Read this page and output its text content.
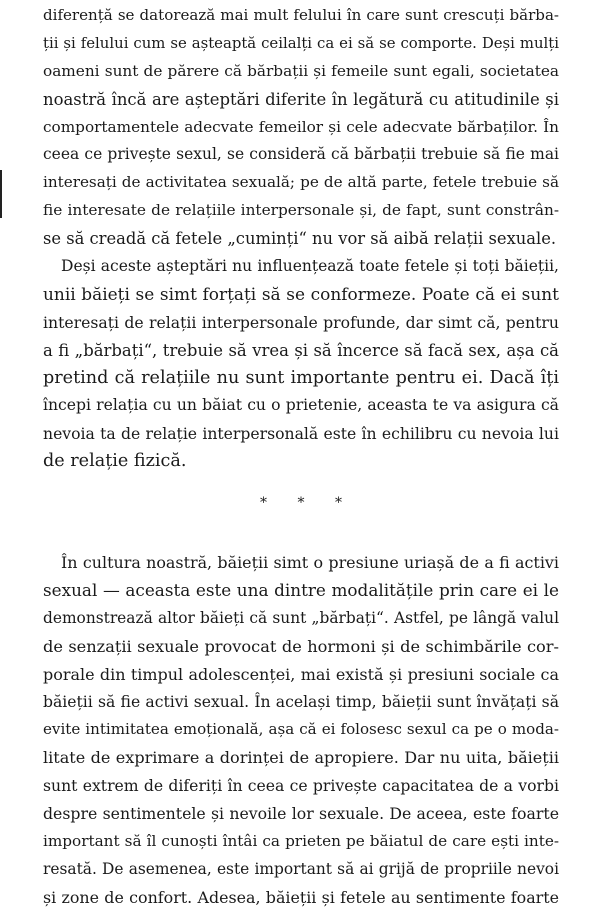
diferență se datorează mai mult felului în care sunt crescuți bărba-
ții și felului cum se așteaptă ceilalți ca ei să se comporte. Deși mulți
oameni sunt de părere că bărbații și femeile sunt egali, societatea
noastră încă are așteptări diferite în legătură cu atitudinile și
comportamentele adecvate femeilor și cele adecvate bărbaților. În
ceea ce privește sexul, se consideră că bărbații trebuie să fie mai
interesați de activitatea sexuală; pe de altă parte, fetele trebuie să
fie interesate de relațiile interpersonale și, de fapt, sunt constrân-
se să creadă că fetele „cuminți“ nu vor să aibă relații sexuale.
Deși aceste așteptări nu influențează toate fetele și toți băieții,
unii băieți se simt forțați să se conformeze. Poate că ei sunt
interesați de relații interpersonale profunde, dar simt că, pentru
a fi „bărbați“, trebuie să vrea și să încerce să facă sex, așa că
pretind că relațiile nu sunt importante pentru ei. Dacă îți
începi relația cu un băiat cu o prietenie, aceasta te va asigura că
nevoia ta de relație interpersonală este în echilibru cu nevoia lui
de relație fizică.
* * *
În cultura noastră, băieții simt o presiune uriașă de a fi activi
sexual — aceasta este una dintre modalitățile prin care ei le
demonstrează altor băieți că sunt „bărbați“. Astfel, pe lângă valul
de senzații sexuale provocat de hormoni și de schimbările cor-
porale din timpul adolescenței, mai există și presiuni sociale ca
băieții să fie activi sexual. În același timp, băieții sunt învățați să
evite intimitatea emoțională, așa că ei folosesc sexul ca pe o moda-
litate de exprimare a dorinței de apropiere. Dar nu uita, băieții
sunt extrem de diferiți în ceea ce privește capacitatea de a vorbi
despre sentimentele și nevoile lor sexuale. De aceea, este foarte
important să îl cunoști întâi ca prieten pe băiatul de care ești inte-
resată. De asemenea, este important să ai grijă de propriile nevoi
și zone de confort. Adesea, băieții și fetele au sentimente foarte
